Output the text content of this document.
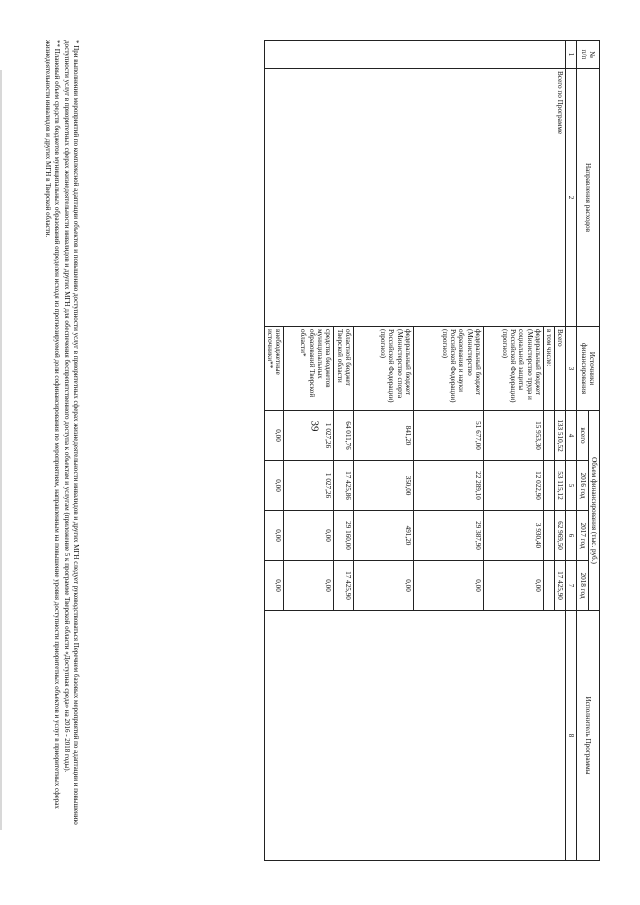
39
№
п/п	Направления расходов	Источники финансирования	Объем финансирования (тыс. руб.)				Исполнитель Программы
			всего	2016 год	2017 год	2018 год	
1	2	3	4	5	6	7	8
	Всего по Программе	Всего	133 510,52	53 115,12	62 969,50	17 425,90	
		в том числе:					
		федеральный бюджет (Министерство труда и социальной защиты Российской Федерации) (прогноз)	15 953,30	12 022,90	3 930,40	0,00	
		федеральный бюджет (Министерство образования и науки Российской Федерации) (прогноз)	51 677,00	22 289,10	29 387,90	0,00	
		федеральный бюджет (Министерство спорта Российской Федерации) (прогноз)	841,20	350,00	491,20	0,00	
		областной бюджет Тверской области	64 011,76	17 425,86	29 160,00	17 425,90	
		средства бюджетов муниципальных образований Тверской области*	1 027,26	1 027,26	0,00	0,00	
		внебюджетные источники**	0,00	0,00	0,00	0,00	

* При выполнении мероприятий по комплексной адаптации объектов и повышению доступности услуг в приоритетных сферах жизнедеятельности инвалидов и других МГН следует руководствоваться Перечнем базовых мероприятий по адаптации и повышению доступности услуг в приоритетных сферах жизнедеятельности инвалидов и других МГН для обеспечения беспрепятственного доступа к объектам и услугам (приложение 5 к программе Тверской области «Доступная среда» на 2016 - 2018 годы).

** Плановый объем средств бюджетов муниципальных образований определен исходя из прогнозируемой доли софинансирования по мероприятиям, направленным на повышение уровня доступности приоритетных объектов и услуг в приоритетных сферах жизнедеятельности инвалидов и других МГН в Тверской области.
